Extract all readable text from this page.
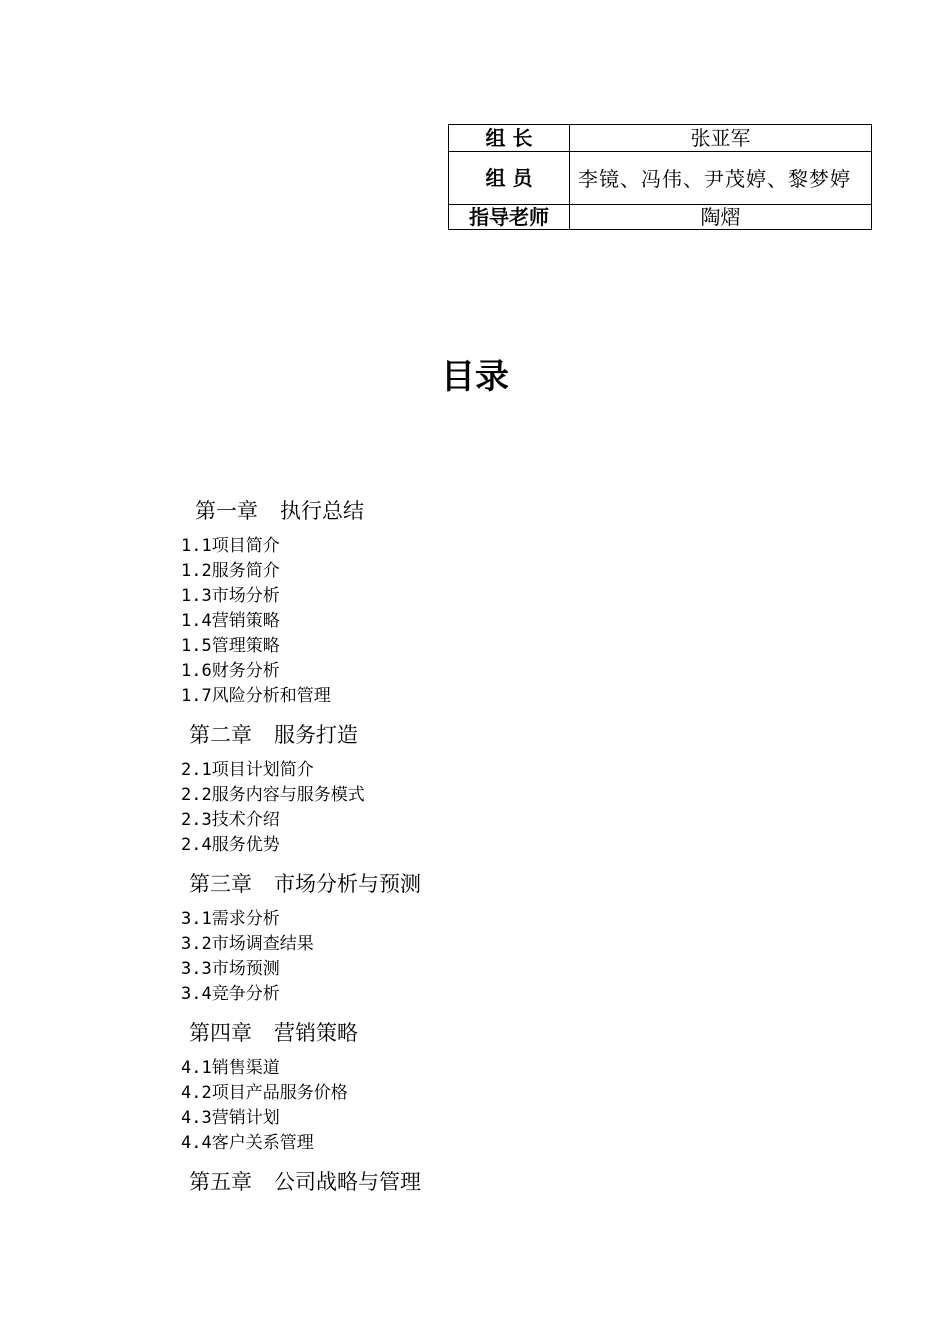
组 长	张亚军
组 员	李镜、冯伟、尹茂婷、黎梦婷
指导老师	陶熠
目录
第一章 执行总结
1.1项目简介
1.2服务简介
1.3市场分析
1.4营销策略
1.5管理策略
1.6财务分析
1.7风险分析和管理
第二章 服务打造
2.1项目计划简介
2.2服务内容与服务模式
2.3技术介绍
2.4服务优势
第三章 市场分析与预测
3.1需求分析
3.2市场调查结果
3.3市场预测
3.4竞争分析
第四章 营销策略
4.1销售渠道
4.2项目产品服务价格
4.3营销计划
4.4客户关系管理
第五章 公司战略与管理
